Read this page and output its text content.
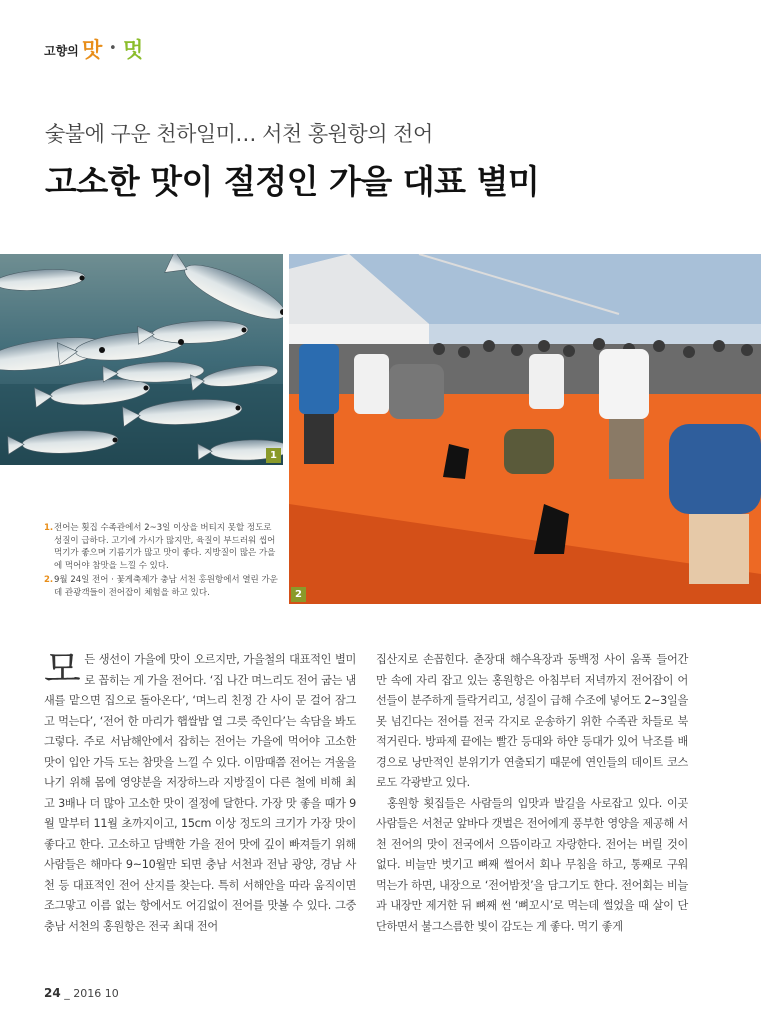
고향의 맛 • 멋
숯불에 구운 천하일미… 서천 홍원항의 전어
고소한 맛이 절정인 가을 대표 별미
1
2
1. 전어는 횟집 수족관에서 2~3일 이상을 버티지 못할 정도로 성질이 급하다. 고기에 가시가 많지만, 육질이 부드러워 씹어 먹기가 좋으며 기름기가 많고 맛이 좋다. 지방질이 많은 가을에 먹어야 참맛을 느낄 수 있다.
2. 9월 24일 전어 · 꽃게축제가 충남 서천 홍원항에서 열린 가운데 관광객들이 전어잡이 체험을 하고 있다.

모 든 생선이 가을에 맛이 오르지만, 가을철의 대표적인 별미로 꼽히는 게 가을 전어다. ‘집 나간 며느리도 전어 굽는 냄새를 맡으면 집으로 돌아온다’, ‘며느리 친정 간 사이 문 걸어 잠그고 먹는다’, ‘전어 한 마리가 햅쌀밥 열 그릇 죽인다’는 속담을 봐도 그렇다. 주로 서남해안에서 잡히는 전어는 가을에 먹어야 고소한 맛이 입안 가득 도는 참맛을 느낄 수 있다. 이맘때쯤 전어는 겨울을 나기 위해 몸에 영양분을 저장하느라 지방질이 다른 철에 비해 최고 3배나 더 많아 고소한 맛이 절정에 달한다. 가장 맛 좋을 때가 9월 말부터 11월 초까지이고, 15cm 이상 정도의 크기가 가장 맛이 좋다고 한다. 고소하고 담백한 가을 전어 맛에 깊이 빠져들기 위해 사람들은 해마다 9~10월만 되면 충남 서천과 전남 광양, 경남 사천 등 대표적인 전어 산지를 찾는다. 특히 서해안을 따라 움직이면 조그맣고 이름 없는 항에서도 어김없이 전어를 맛볼 수 있다. 그중 충남 서천의 홍원항은 전국 최대 전어

집산지로 손꼽힌다. 춘장대 해수욕장과 동백정 사이 움푹 들어간 만 속에 자리 잡고 있는 홍원항은 아침부터 저녁까지 전어잡이 어선들이 분주하게 들락거리고, 성질이 급해 수조에 넣어도 2~3일을 못 넘긴다는 전어를 전국 각지로 운송하기 위한 수족관 차들로 북적거린다. 방파제 끝에는 빨간 등대와 하얀 등대가 있어 낙조를 배경으로 낭만적인 분위기가 연출되기 때문에 연인들의 데이트 코스로도 각광받고 있다.

홍원항 횟집들은 사람들의 입맛과 발길을 사로잡고 있다. 이곳 사람들은 서천군 앞바다 갯벌은 전어에게 풍부한 영양을 제공해 서천 전어의 맛이 전국에서 으뜸이라고 자랑한다. 전어는 버릴 것이 없다. 비늘만 벗기고 뼈째 썰어서 회나 무침을 하고, 통째로 구워 먹는가 하면, 내장으로 ‘전어밤젓’을 담그기도 한다. 전어회는 비늘과 내장만 제거한 뒤 뼈째 썬 ‘뼈꼬시’로 먹는데 썰었을 때 살이 단단하면서 불그스름한 빛이 감도는 게 좋다. 먹기 좋게

24 _ 2016 10
